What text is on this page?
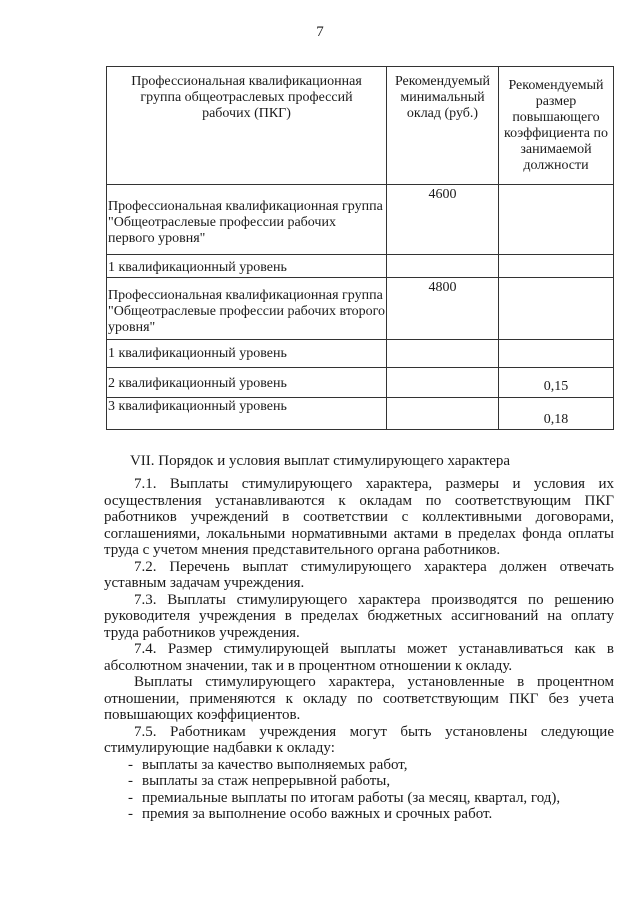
7
Профессиональная квалификационная группа общеотраслевых профессий рабочих (ПКГ)	Рекомендуемый минимальный оклад (руб.)	Рекомендуемый размер повышающего коэффициента по занимаемой должности
Профессиональная квалификационная группа "Общеотраслевые профессии рабочих первого уровня"	4600	
1 квалификационный уровень		
Профессиональная квалификационная группа "Общеотраслевые профессии рабочих второго уровня"	4800	
1 квалификационный уровень		
2 квалификационный уровень		0,15
3 квалификационный уровень		0,18
VII. Порядок и условия выплат стимулирующего характера

7.1. Выплаты стимулирующего характера, размеры и условия их осуществления устанавливаются к окладам по соответствующим ПКГ работников учреждений в соответствии с коллективными договорами, соглашениями, локальными нормативными актами в пределах фонда оплаты труда с учетом мнения представительного органа работников.

7.2. Перечень выплат стимулирующего характера должен отвечать уставным задачам учреждения.

7.3. Выплаты стимулирующего характера производятся по решению руководителя учреждения в пределах бюджетных ассигнований на оплату труда работников учреждения.

7.4. Размер стимулирующей выплаты может устанавливаться как в абсолютном значении, так и в процентном отношении к окладу.

Выплаты стимулирующего характера, установленные в процентном отношении, применяются к окладу по соответствующим ПКГ без учета повышающих коэффициентов.

7.5. Работникам учреждения могут быть установлены следующие стимулирующие надбавки к окладу:

- выплаты за качество выполняемых работ,
- выплаты за стаж непрерывной работы,
- премиальные выплаты по итогам работы (за месяц, квартал, год),
- премия за выполнение особо важных и срочных работ.
